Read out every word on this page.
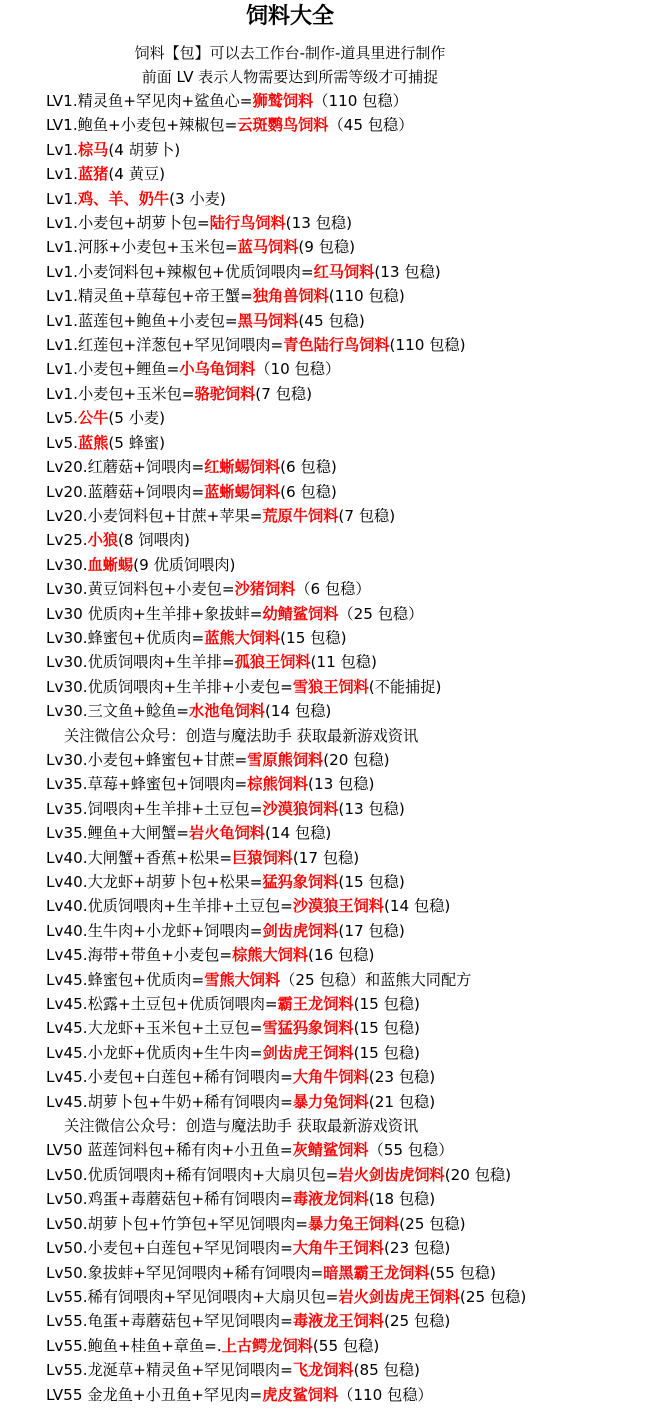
饲料大全
饲料【包】可以去工作台-制作-道具里进行制作
前面 LV 表示人物需要达到所需等级才可捕捉
LV1.精灵鱼+罕见肉+鲨鱼心=狮鹫饲料（110 包稳）
LV1.鲍鱼+小麦包+辣椒包=云斑鹦鸟饲料（45 包稳）
Lv1.棕马(4 胡萝卜)
Lv1.蓝猪(4 黄豆)
Lv1.鸡、羊、奶牛(3 小麦)
Lv1.小麦包+胡萝卜包=陆行鸟饲料(13 包稳)
Lv1.河豚+小麦包+玉米包=蓝马饲料(9 包稳)
Lv1.小麦饲料包+辣椒包+优质饲喂肉=红马饲料(13 包稳)
Lv1.精灵鱼+草莓包+帝王蟹=独角兽饲料(110 包稳)
Lv1.蓝莲包+鲍鱼+小麦包=黑马饲料(45 包稳)
Lv1.红莲包+洋葱包+罕见饲喂肉=青色陆行鸟饲料(110 包稳)
Lv1.小麦包+鲤鱼=小乌龟饲料（10 包稳）
Lv1.小麦包+玉米包=骆驼饲料(7 包稳)
Lv5.公牛(5 小麦)
Lv5.蓝熊(5 蜂蜜)
Lv20.红蘑菇+饲喂肉=红蜥蜴饲料(6 包稳)
Lv20.蓝蘑菇+饲喂肉=蓝蜥蜴饲料(6 包稳)
Lv20.小麦饲料包+甘蔗+苹果=荒原牛饲料(7 包稳)
Lv25.小狼(8 饲喂肉)
Lv30.血蜥蜴(9 优质饲喂肉)
Lv30.黄豆饲料包+小麦包=沙猪饲料（6 包稳）
Lv30 优质肉+生羊排+象拔蚌=幼鲭鲨饲料（25 包稳）
Lv30.蜂蜜包+优质肉=蓝熊大饲料(15 包稳)
Lv30.优质饲喂肉+生羊排=孤狼王饲料(11 包稳)
Lv30.优质饲喂肉+生羊排+小麦包=雪狼王饲料(不能捕捉)
Lv30.三文鱼+鲶鱼=水池龟饲料(14 包稳)
关注微信公众号：创造与魔法助手 获取最新游戏资讯
Lv30.小麦包+蜂蜜包+甘蔗=雪原熊饲料(20 包稳)
Lv35.草莓+蜂蜜包+饲喂肉=棕熊饲料(13 包稳)
Lv35.饲喂肉+生羊排+土豆包=沙漠狼饲料(13 包稳)
Lv35.鲤鱼+大闸蟹=岩火龟饲料(14 包稳)
Lv40.大闸蟹+香蕉+松果=巨猿饲料(17 包稳)
Lv40.大龙虾+胡萝卜包+松果=猛犸象饲料(15 包稳)
Lv40.优质饲喂肉+生羊排+土豆包=沙漠狼王饲料(14 包稳)
Lv40.生牛肉+小龙虾+饲喂肉=剑齿虎饲料(17 包稳)
Lv45.海带+带鱼+小麦包=棕熊大饲料(16 包稳)
Lv45.蜂蜜包+优质肉=雪熊大饲料（25 包稳）和蓝熊大同配方
Lv45.松露+土豆包+优质饲喂肉=霸王龙饲料(15 包稳)
Lv45.大龙虾+玉米包+土豆包=雪猛犸象饲料(15 包稳)
Lv45.小龙虾+优质肉+生牛肉=剑齿虎王饲料(15 包稳)
Lv45.小麦包+白莲包+稀有饲喂肉=大角牛饲料(23 包稳)
Lv45.胡萝卜包+牛奶+稀有饲喂肉=暴力兔饲料(21 包稳)
关注微信公众号：创造与魔法助手 获取最新游戏资讯
LV50 蓝莲饲料包+稀有肉+小丑鱼=灰鲭鲨饲料（55 包稳）
Lv50.优质饲喂肉+稀有饲喂肉+大扇贝包=岩火剑齿虎饲料(20 包稳)
Lv50.鸡蛋+毒蘑菇包+稀有饲喂肉=毒液龙饲料(18 包稳)
Lv50.胡萝卜包+竹笋包+罕见饲喂肉=暴力兔王饲料(25 包稳)
Lv50.小麦包+白莲包+罕见饲喂肉=大角牛王饲料(23 包稳)
Lv50.象拔蚌+罕见饲喂肉+稀有饲喂肉=暗黑霸王龙饲料(55 包稳)
Lv55.稀有饲喂肉+罕见饲喂肉+大扇贝包=岩火剑齿虎王饲料(25 包稳)
Lv55.龟蛋+毒蘑菇包+罕见饲喂肉=毒液龙王饲料(25 包稳)
Lv55.鲍鱼+桂鱼+章鱼=.上古鳄龙饲料(55 包稳)
Lv55.龙涎草+精灵鱼+罕见饲喂肉=飞龙饲料(85 包稳)
LV55 金龙鱼+小丑鱼+罕见肉=虎皮鲨饲料（110 包稳）
